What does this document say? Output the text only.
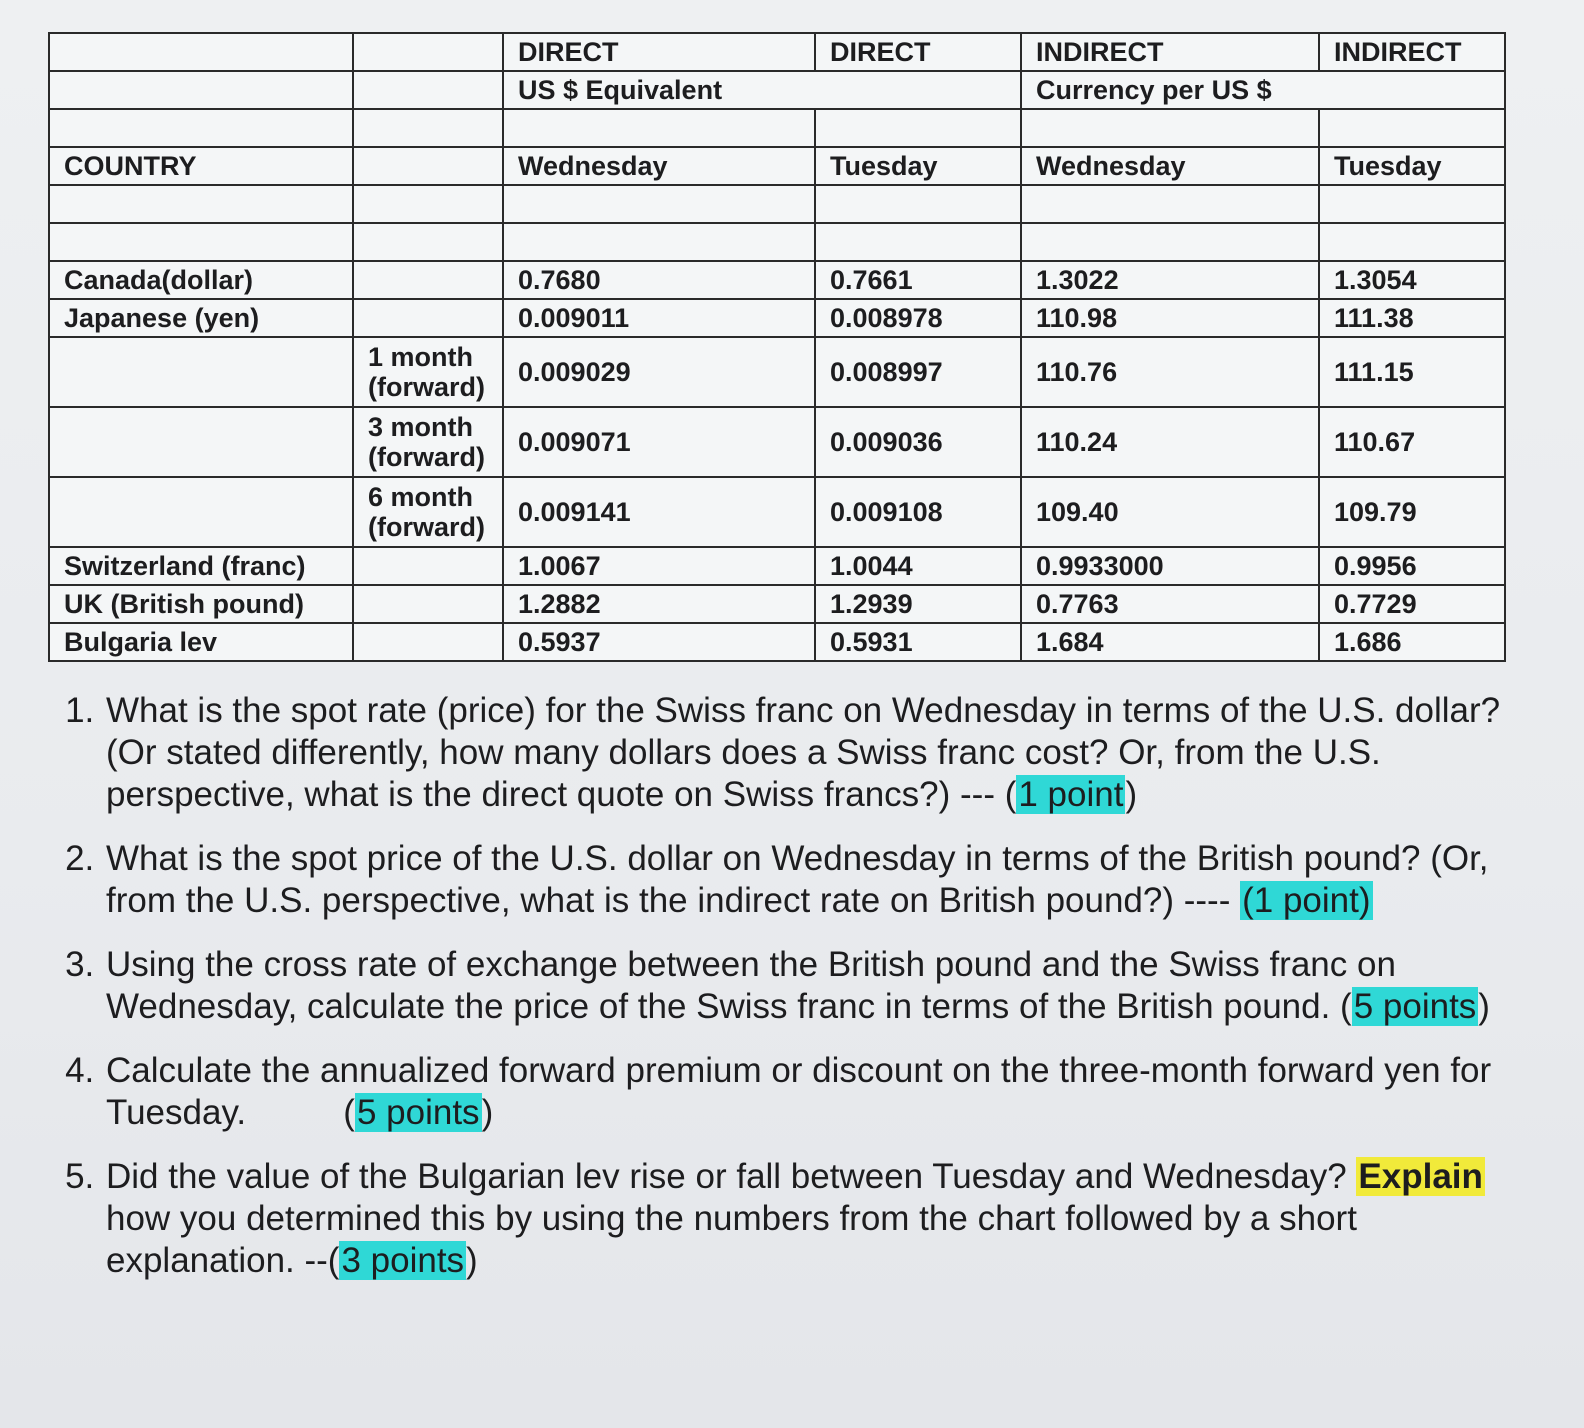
		DIRECT	DIRECT	INDIRECT	INDIRECT
		US $ Equivalent		Currency per US $	

COUNTRY		Wednesday	Tuesday	Wednesday	Tuesday

Canada(dollar)		0.7680	0.7661	1.3022	1.3054
Japanese (yen)		0.009011	0.008978	110.98	111.38
	1 month (forward)	0.009029	0.008997	110.76	111.15
	3 month (forward)	0.009071	0.009036	110.24	110.67
	6 month (forward)	0.009141	0.009108	109.40	109.79
Switzerland (franc)		1.0067	1.0044	0.9933000	0.9956
UK (British pound)		1.2882	1.2939	0.7763	0.7729
Bulgaria lev		0.5937	0.5931	1.684	1.686
1. What is the spot rate (price) for the Swiss franc on Wednesday in terms of the U.S. dollar? (Or stated differently, how many dollars does a Swiss franc cost? Or, from the U.S. perspective, what is the direct quote on Swiss francs?) --- (1 point)
2. What is the spot price of the U.S. dollar on Wednesday in terms of the British pound? (Or, from the U.S. perspective, what is the indirect rate on British pound?) ---- (1 point)
3. Using the cross rate of exchange between the British pound and the Swiss franc on Wednesday, calculate the price of the Swiss franc in terms of the British pound. (5 points)
4. Calculate the annualized forward premium or discount on the three-month forward yen for Tuesday.          (5 points)
5. Did the value of the Bulgarian lev rise or fall between Tuesday and Wednesday? Explain how you determined this by using the numbers from the chart followed by a short explanation. --(3 points)
